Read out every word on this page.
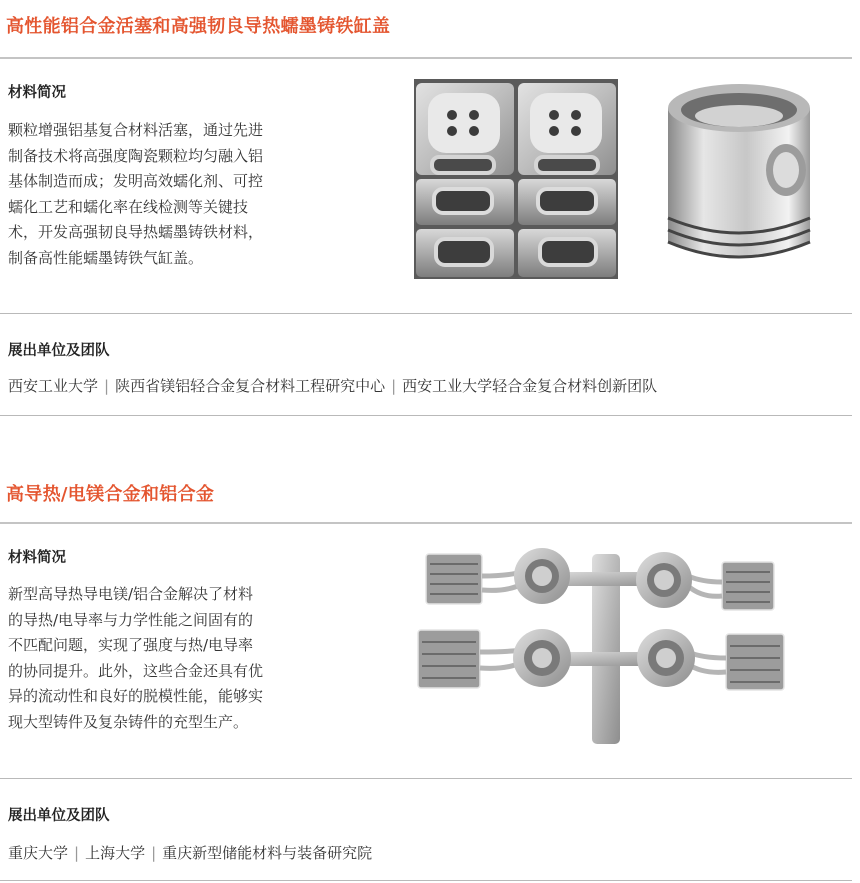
高性能铝合金活塞和高强韧良导热蠕墨铸铁缸盖
材料简况
颗粒增强铝基复合材料活塞，通过先进
制备技术将高强度陶瓷颗粒均匀融入铝
基体制造而成；发明高效蠕化剂、可控
蠕化工艺和蠕化率在线检测等关键技
术，开发高强韧良导热蠕墨铸铁材料，
制备高性能蠕墨铸铁气缸盖。
展出单位及团队
西安工业大学 | 陕西省镁铝轻合金复合材料工程研究中心 | 西安工业大学轻合金复合材料创新团队
高导热/电镁合金和铝合金
材料简况
新型高导热导电镁/铝合金解决了材料
的导热/电导率与力学性能之间固有的
不匹配问题，实现了强度与热/电导率
的协同提升。此外，这些合金还具有优
异的流动性和良好的脱模性能，能够实
现大型铸件及复杂铸件的充型生产。
展出单位及团队
重庆大学 | 上海大学 | 重庆新型储能材料与装备研究院
